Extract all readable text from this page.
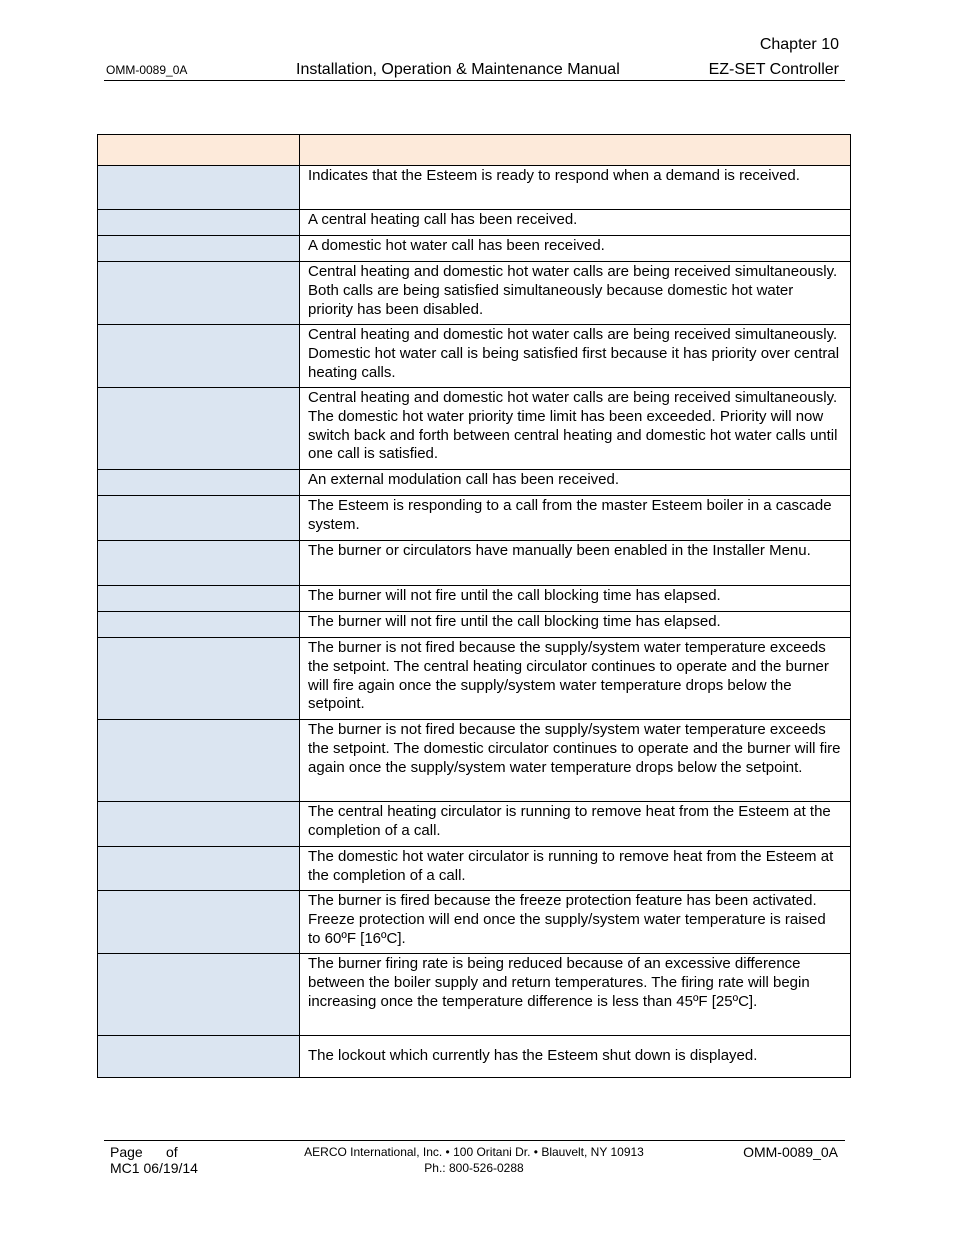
Chapter 10
OMM-0089_0A	Installation, Operation & Maintenance Manual	EZ-SET Controller

	Indicates that the Esteem is ready to respond when a demand is received.
	A central heating call has been received.
	A domestic hot water call has been received.
	Central heating and domestic hot water calls are being received simultaneously. Both calls are being satisfied simultaneously because domestic hot water priority has been disabled.
	Central heating and domestic hot water calls are being received simultaneously. Domestic hot water call is being satisfied first because it has priority over central heating calls.
	Central heating and domestic hot water calls are being received simultaneously. The domestic hot water priority time limit has been exceeded. Priority will now switch back and forth between central heating and domestic hot water calls until one call is satisfied.
	An external modulation call has been received.
	The Esteem is responding to a call from the master Esteem boiler in a cascade system.
	The burner or circulators have manually been enabled in the Installer Menu.
	The burner will not fire until the call blocking time has elapsed.
	The burner will not fire until the call blocking time has elapsed.
	The burner is not fired because the supply/system water temperature exceeds the setpoint. The central heating circulator continues to operate and the burner will fire again once the supply/system water temperature drops below the setpoint.
	The burner is not fired because the supply/system water temperature exceeds the setpoint. The domestic circulator continues to operate and the burner will fire again once the supply/system water temperature drops below the setpoint.
	The central heating circulator is running to remove heat from the Esteem at the completion of a call.
	The domestic hot water circulator is running to remove heat from the Esteem at the completion of a call.
	The burner is fired because the freeze protection feature has been activated. Freeze protection will end once the supply/system water temperature is raised to 60ºF [16ºC].
	The burner firing rate is being reduced because of an excessive difference between the boiler supply and return temperatures. The firing rate will begin increasing once the temperature difference is less than 45ºF [25ºC].
	The lockout which currently has the Esteem shut down is displayed.
Page of
MC1 06/19/14
AERCO International, Inc. • 100 Oritani Dr. • Blauvelt, NY 10913
Ph.: 800-526-0288
OMM-0089_0A
